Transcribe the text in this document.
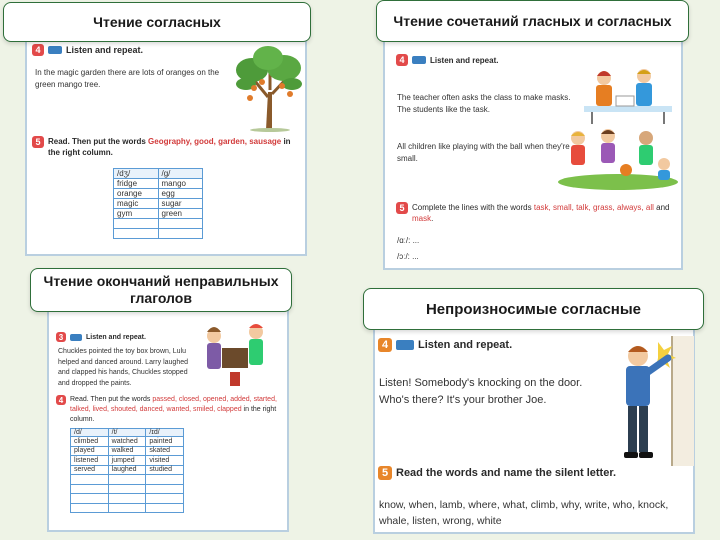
Чтение согласных
4	Listen and repeat.
In the magic garden there are lots of oranges on the green mango tree.
5 Read. Then put the words Geography, good, garden, sausage in the right column.
/dʒ/	/g/
fridge	mango
orange	egg
magic	sugar
gym	green

Чтение сочетаний гласных и согласных
4	Listen and repeat.
The teacher often asks the class to make masks. The students like the task.
All children like playing with the ball when they're small.
5 Complete the lines with the words task, small, talk, grass, always, all and mask.
/ɑː/: ...
/ɔː/: ...
Чтение окончаний неправильных глаголов
3	Listen and repeat.
Chuckles pointed the toy box brown, Lulu helped and danced around. Larry laughed and clapped his hands, Chuckles stopped and dropped the paints.
4 Read. Then put the words passed, closed, opened, added, started, talked, lived, shouted, danced, wanted, smiled, clapped in the right column.
/d/	/t/	/ɪd/
climbed	watched	painted
played	walked	skated
listened	jumped	visited
served	laughed	studied

Непроизносимые согласные
4	Listen and repeat.
Listen! Somebody's knocking on the door. Who's there? It's your brother Joe.
5 Read the words and name the silent letter.
know, when, lamb, where, what, climb, why, write, who, knock, whale, listen, wrong, white
